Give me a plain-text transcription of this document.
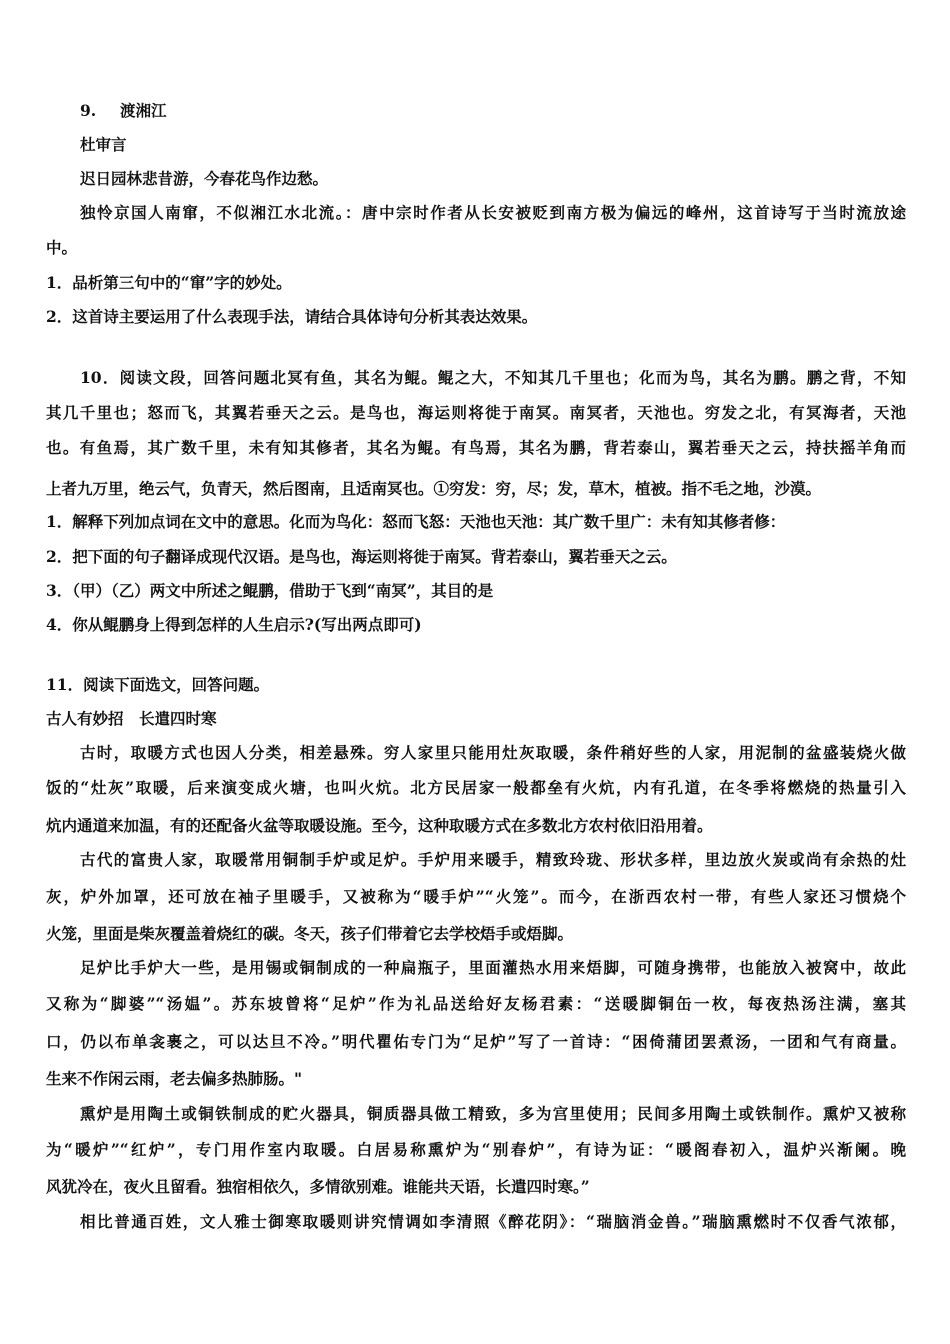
9. 渡湘江
杜审言
迟日园林悲昔游，今春花鸟作边愁。
独怜京国人南窜，不似湘江水北流。：唐中宗时作者从长安被贬到南方极为偏远的峰州，这首诗写于当时流放途
中。
1．品析第三句中的“窜”字的妙处。
2．这首诗主要运用了什么表现手法，请结合具体诗句分析其表达效果。
10．阅读文段，回答问题北冥有鱼，其名为鲲。鲲之大，不知其几千里也；化而为鸟，其名为鹏。鹏之背，不知
其几千里也；怒而飞，其翼若垂天之云。是鸟也，海运则将徙于南冥。南冥者，天池也。穷发之北，有冥海者，天池
也。有鱼焉，其广数千里，未有知其修者，其名为鲲。有鸟焉，其名为鹏，背若泰山，翼若垂天之云，持扶摇羊角而
上者九万里，绝云气，负青天，然后图南，且适南冥也。①穷发：穷，尽；发，草木，植被。指不毛之地，沙漠。
1．解释下列加点词在文中的意思。化而为鸟化：怒而飞怒：天池也天池：其广数千里广：未有知其修者修：
2．把下面的句子翻译成现代汉语。是鸟也，海运则将徙于南冥。背若泰山，翼若垂天之云。
3．（甲）（乙）两文中所述之鲲鹏，借助于飞到“南冥”，其目的是
4．你从鲲鹏身上得到怎样的人生启示?(写出两点即可)
11．阅读下面选文，回答问题。
古人有妙招　长遣四时寒
古时，取暖方式也因人分类，相差悬殊。穷人家里只能用灶灰取暖，条件稍好些的人家，用泥制的盆盛装烧火做
饭的“灶灰”取暖，后来演变成火塘，也叫火炕。北方民居家一般都垒有火炕，内有孔道，在冬季将燃烧的热量引入
炕内通道来加温，有的还配备火盆等取暖设施。至今，这种取暖方式在多数北方农村依旧沿用着。
古代的富贵人家，取暖常用铜制手炉或足炉。手炉用来暖手，精致玲珑、形状多样，里边放火炭或尚有余热的灶
灰，炉外加罩，还可放在袖子里暖手，又被称为“暖手炉”“火笼”。而今，在浙西农村一带，有些人家还习惯烧个
火笼，里面是柴灰覆盖着烧红的碳。冬天，孩子们带着它去学校焐手或焐脚。
足炉比手炉大一些，是用锡或铜制成的一种扁瓶子，里面灌热水用来焐脚，可随身携带，也能放入被窝中，故此
又称为“脚婆”“汤媪”。苏东坡曾将“足炉”作为礼品送给好友杨君素：“送暖脚铜缶一枚，每夜热汤注满，塞其
口，仍以布单衾裹之，可以达旦不冷。”明代瞿佑专门为“足炉”写了一首诗：“困倚蒲团罢煮汤，一团和气有商量。
生来不作闲云雨，老去偏多热肺肠。"
熏炉是用陶土或铜铁制成的贮火器具，铜质器具做工精致，多为宫里使用；民间多用陶土或铁制作。熏炉又被称
为“暖炉”“红炉”，专门用作室内取暖。白居易称熏炉为“别春炉”，有诗为证：“暖阁春初入，温炉兴渐阑。晚
风犹冷在，夜火且留看。独宿相依久，多情欲别难。谁能共天语，长遣四时寒。”
相比普通百姓，文人雅士御寒取暖则讲究情调如李清照《醉花阴》：“瑞脑消金兽。”瑞脑熏燃时不仅香气浓郁，
